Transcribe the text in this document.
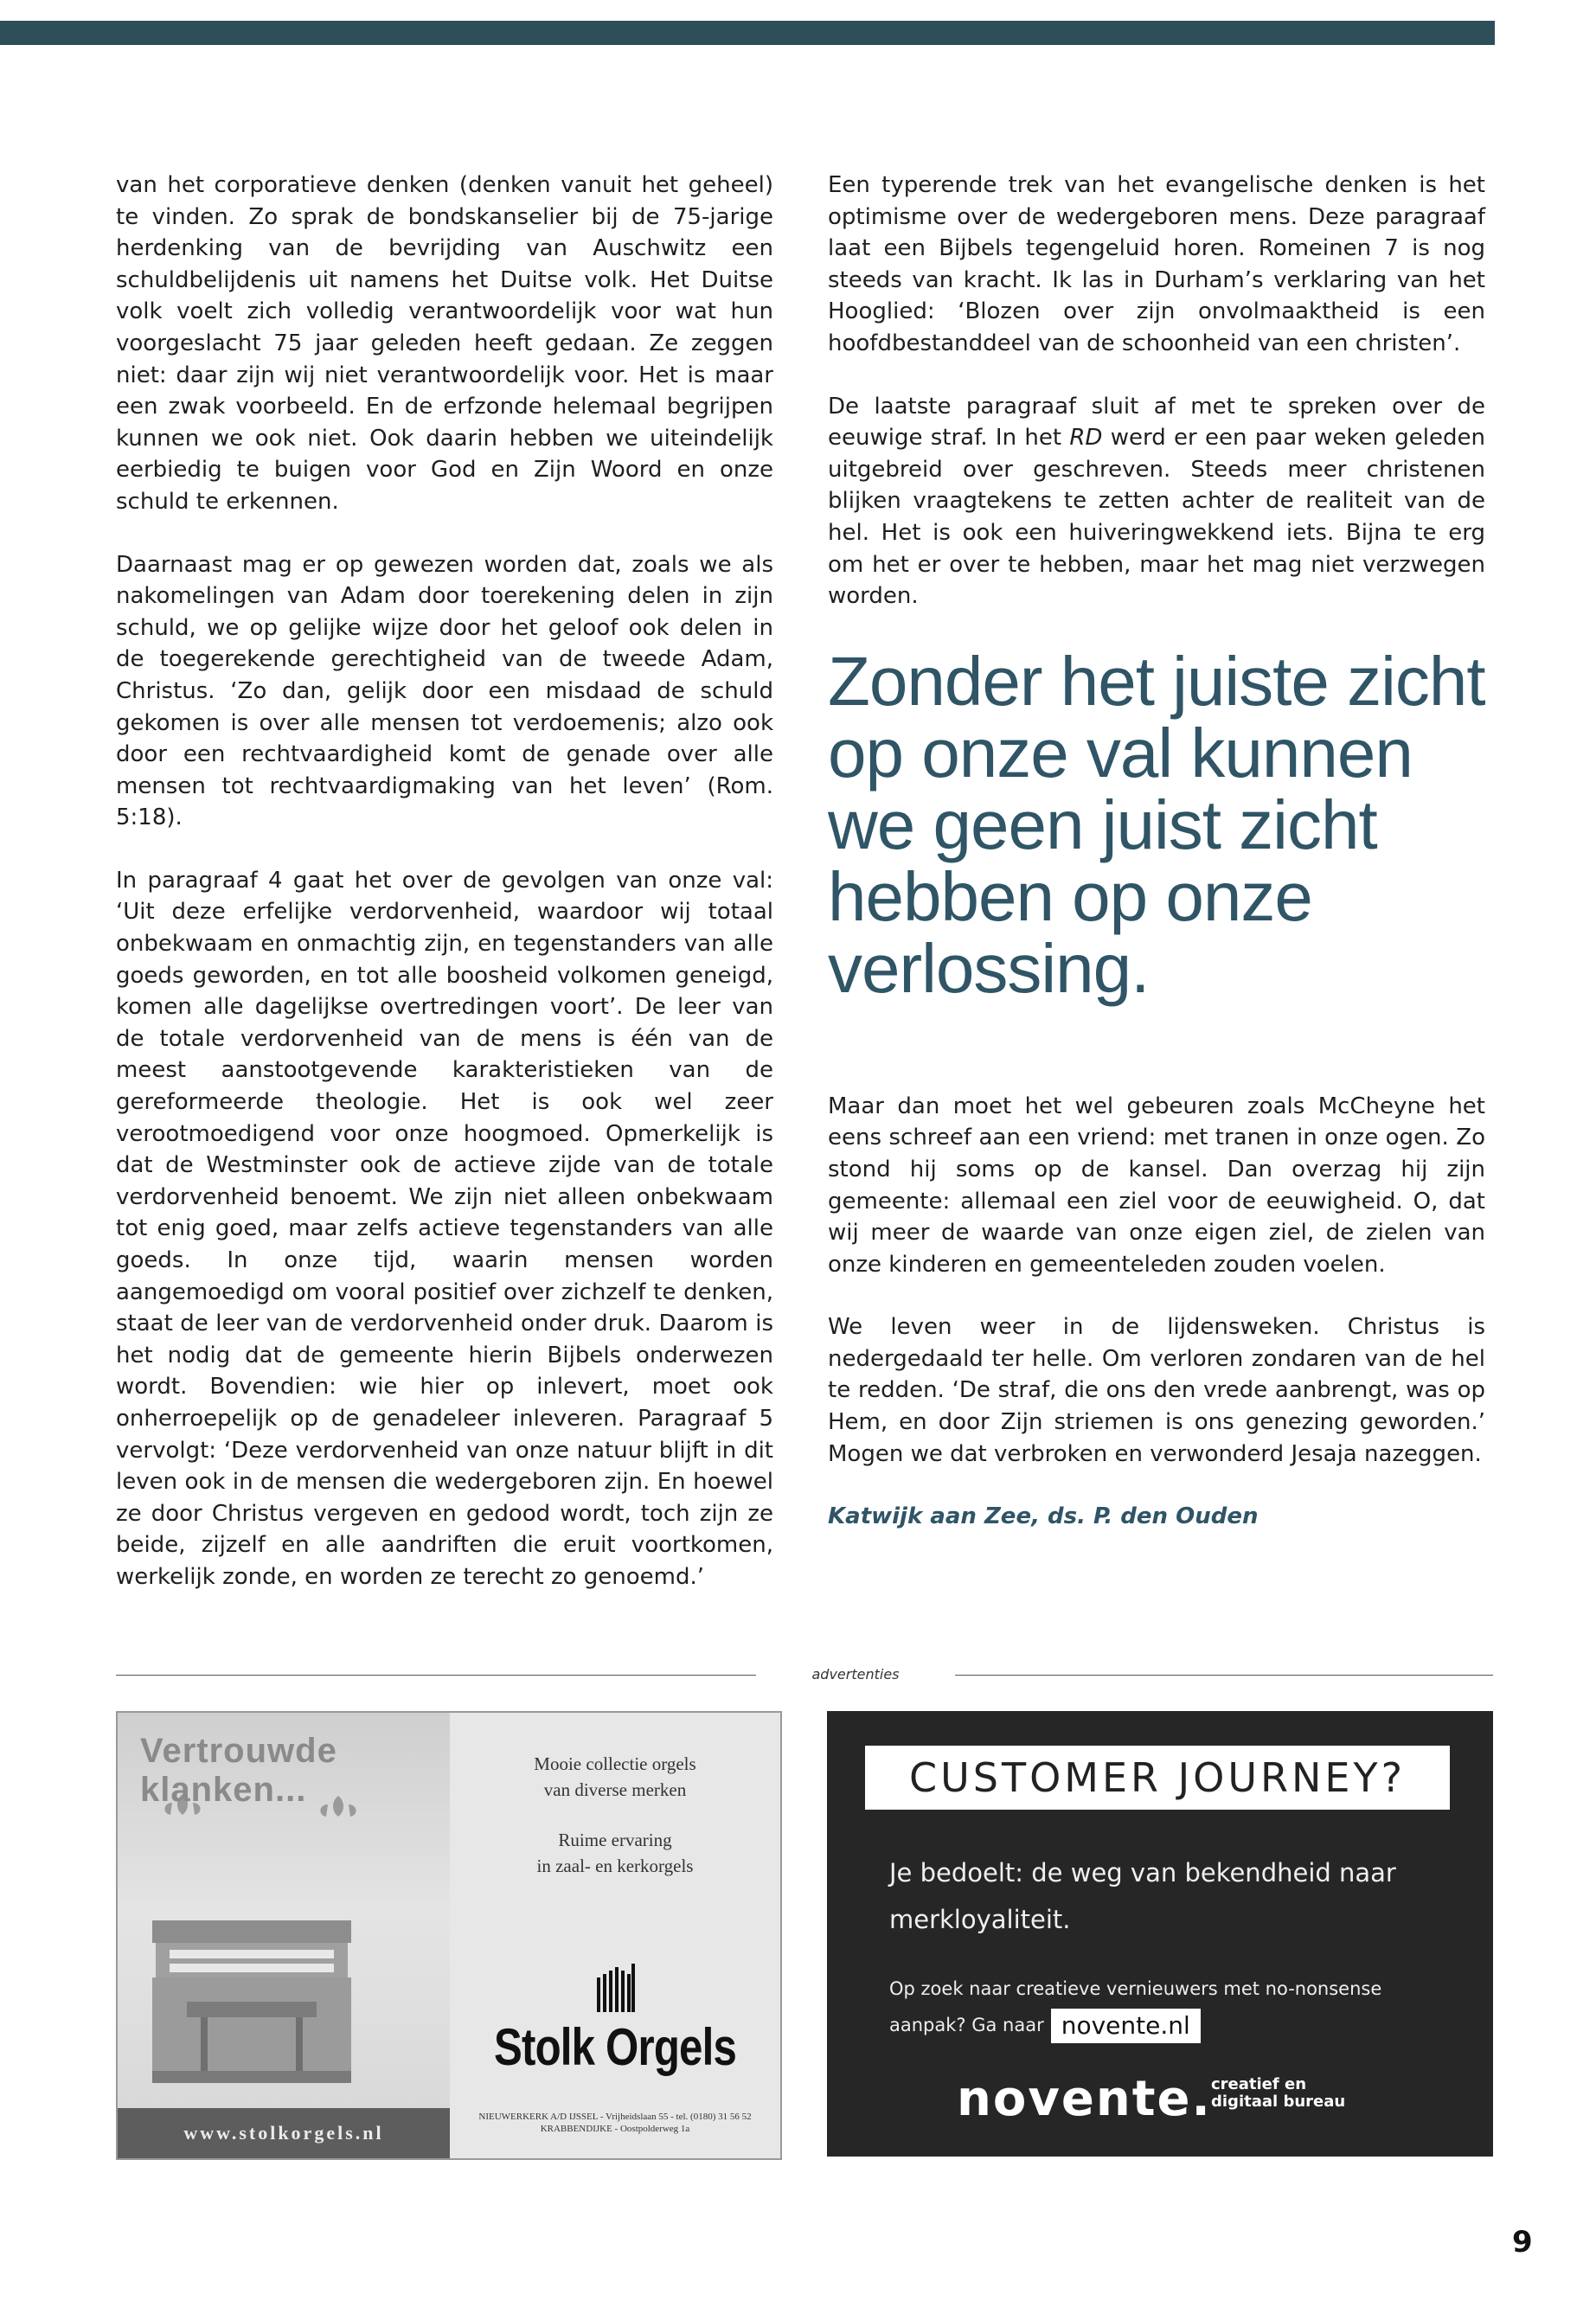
van het corporatieve denken (denken vanuit het geheel) te vinden. Zo sprak de bondskanselier bij de 75-jarige herdenking van de bevrijding van Auschwitz een schuldbelijdenis uit namens het Duitse volk. Het Duitse volk voelt zich volledig verantwoordelijk voor wat hun voorgeslacht 75 jaar geleden heeft gedaan. Ze zeggen niet: daar zijn wij niet verantwoordelijk voor. Het is maar een zwak voorbeeld. En de erfzonde helemaal begrijpen kunnen we ook niet. Ook daarin hebben we uiteindelijk eerbiedig te buigen voor God en Zijn Woord en onze schuld te erkennen.

Daarnaast mag er op gewezen worden dat, zoals we als nakomelingen van Adam door toerekening delen in zijn schuld, we op gelijke wijze door het geloof ook delen in de toegerekende gerechtigheid van de tweede Adam, Christus. ‘Zo dan, gelijk door een misdaad de schuld gekomen is over alle mensen tot verdoemenis; alzo ook door een rechtvaardigheid komt de genade over alle mensen tot rechtvaardigmaking van het leven’ (Rom. 5:18).

In paragraaf 4 gaat het over de gevolgen van onze val: ‘Uit deze erfelijke verdorvenheid, waardoor wij totaal onbekwaam en onmachtig zijn, en tegenstanders van alle goeds geworden, en tot alle boosheid volkomen geneigd, komen alle dagelijkse overtredingen voort’. De leer van de totale verdorvenheid van de mens is één van de meest aanstootgevende karakteristieken van de gereformeerde theologie. Het is ook wel zeer verootmoedigend voor onze hoogmoed. Opmerkelijk is dat de Westminster ook de actieve zijde van de totale verdorvenheid benoemt. We zijn niet alleen onbekwaam tot enig goed, maar zelfs actieve tegenstanders van alle goeds. In onze tijd, waarin mensen worden aangemoedigd om vooral positief over zichzelf te denken, staat de leer van de verdorvenheid onder druk. Daarom is het nodig dat de gemeente hierin Bijbels onderwezen wordt. Bovendien: wie hier op inlevert, moet ook onherroepelijk op de genadeleer inleveren. Paragraaf 5 vervolgt: ‘Deze verdorvenheid van onze natuur blijft in dit leven ook in de mensen die wedergeboren zijn. En hoewel ze door Christus vergeven en gedood wordt, toch zijn ze beide, zijzelf en alle aandriften die eruit voortkomen, werkelijk zonde, en worden ze terecht zo genoemd.’

Een typerende trek van het evangelische denken is het optimisme over de wedergeboren mens. Deze paragraaf laat een Bijbels tegengeluid horen. Romeinen 7 is nog steeds van kracht. Ik las in Durham’s verklaring van het Hooglied: ‘Blozen over zijn onvolmaaktheid is een hoofdbestanddeel van de schoonheid van een christen’.

De laatste paragraaf sluit af met te spreken over de eeuwige straf. In het RD werd er een paar weken geleden uitgebreid over geschreven. Steeds meer christenen blijken vraagtekens te zetten achter de realiteit van de hel. Het is ook een huiveringwekkend iets. Bijna te erg om het er over te hebben, maar het mag niet verzwegen worden.

Zonder het juiste zicht op onze val kunnen we geen juist zicht hebben op onze verlossing.

Maar dan moet het wel gebeuren zoals McCheyne het eens schreef aan een vriend: met tranen in onze ogen. Zo stond hij soms op de kansel. Dan overzag hij zijn gemeente: allemaal een ziel voor de eeuwigheid. O, dat wij meer de waarde van onze eigen ziel, de zielen van onze kinderen en gemeenteleden zouden voelen.

We leven weer in de lijdensweken. Christus is nedergedaald ter helle. Om verloren zondaren van de hel te redden. ‘De straf, die ons den vrede aanbrengt, was op Hem, en door Zijn striemen is ons genezing geworden.’ Mogen we dat verbroken en verwonderd Jesaja nazeggen.

Katwijk aan Zee, ds. P. den Ouden

advertenties
Vertrouwde klanken...
www.stolkorgels.nl
Mooie collectie orgels
van diverse merken
Ruime ervaring
in zaal- en kerkorgels
Stolk Orgels
NIEUWERKERK A/D IJSSEL - Vrijheidslaan 55 - tel. (0180) 31 56 52
KRABBENDIJKE - Oostpolderweg 1a
CUSTOMER JOURNEY?
Je bedoelt: de weg van bekendheid naar merkloyaliteit.
Op zoek naar creatieve vernieuwers met no-nonsense aanpak? Ga naar novente.nl
novente. creatief en
digitaal bureau
9
